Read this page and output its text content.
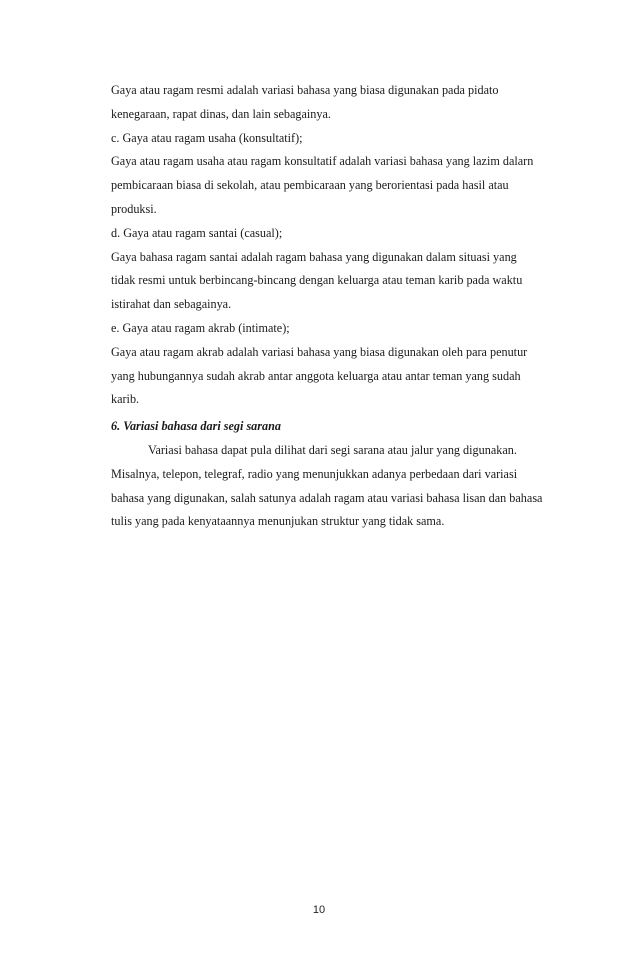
Gaya atau ragam resmi adalah variasi bahasa yang biasa digunakan pada pidato
kenegaraan, rapat dinas, dan lain sebagainya.
c. Gaya atau ragam usaha (konsultatif);
Gaya atau ragam usaha atau ragam konsultatif adalah variasi bahasa yang lazim dalarn
pembicaraan biasa di sekolah, atau pembicaraan yang berorientasi pada hasil atau
produksi.
d. Gaya atau ragam santai (casual);
Gaya bahasa ragam santai adalah ragam bahasa yang digunakan dalam situasi yang
tidak resmi untuk berbincang-bincang dengan keluarga atau teman karib pada waktu
istirahat dan sebagainya.
e. Gaya atau ragam akrab (intimate);
Gaya atau ragam akrab adalah variasi bahasa yang biasa digunakan oleh para penutur
yang hubungannya sudah akrab antar anggota keluarga atau antar teman yang sudah
karib.
6. Variasi bahasa dari segi sarana
Variasi bahasa dapat pula dilihat dari segi sarana atau jalur yang digunakan.
Misalnya, telepon, telegraf, radio yang menunjukkan adanya perbedaan dari variasi
bahasa yang digunakan, salah satunya adalah ragam atau variasi bahasa lisan dan bahasa
tulis yang pada kenyataannya menunjukan struktur yang tidak sama.
10
